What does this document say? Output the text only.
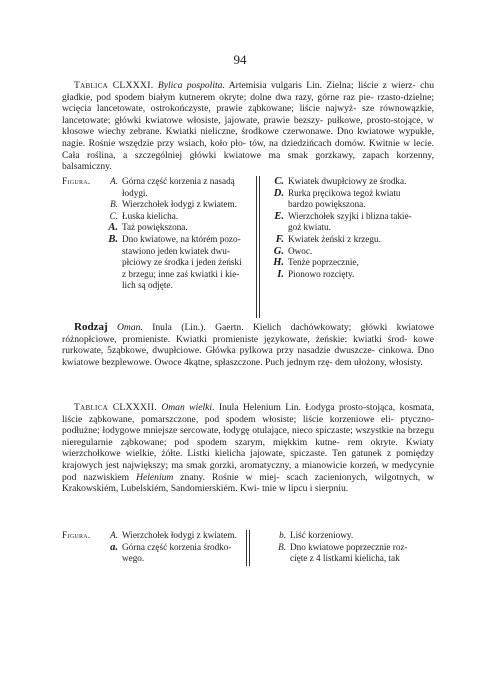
94

Tablica CLXXXI. Bylica pospolita. Artemisia vulgaris Lin. Zielna; liście z wierz- chu gładkie, pod spodem białym kutnerem okryte; dolne dwa razy, górne raz pie- rzasto-dzielne; wcięcia lancetowate, ostrokończyste, prawie ząbkowane; liście najwyż- sze równowązkie, lancetowate; główki kwiatowe włosiste, jajowate, prawie bezszy- pułkowe, prosto-stojące, w kłosowe wiechy zebrane. Kwiatki nieliczne, środkowe czerwonawe. Dno kwiatowe wypukłe, nagie. Rośnie wszędzie przy wsiach, koło pło- tów, na dziedzińcach domów. Kwitnie w lecie. Cała roślina, a szczególniej główki kwiatowe ma smak gorzkawy, zapach korzenny, balsamiczny.

Figura.	A. Górna część korzenia z nasadą
łodygi.
B. Wierzchołek łodygi z kwiatem.
C. Łuska kielicha.
A. Taż powiększona.
B. Dno kwiatowe, na którém pozo-
stawiono jeden kwiatek dwu-
płciowy ze środka i jeden żeński
z brzegu; inne zaś kwiatki i kie-
lich są odjęte.
C. Kwiatek dwupłciowy ze środka.
D. Rurka pręcikowa tegoż kwiatu
bardzo powiększona.
E. Wierzchołek szyjki i blizna takie-
goż kwiatu.
F. Kwiatek żeński z krzegu.
G. Owoc.
H. Tenże poprzecznie,
I. Pionowo rozcięty.

Rodzaj Oman. Inula (Lin.). Gaertn. Kielich dachówkowaty; główki kwiatowe różnopłciowe, promieniste. Kwiatki promieniste językowate, żeńskie: kwiatki środ- kowe rurkowate, 5ząbkowe, dwupłciowe. Główka pylkowa przy nasadzie dwuszcze- cinkowa. Dno kwiatowe bezplewowe. Owoce 4kątne, spłaszczone. Puch jednym rzę- dem ułożony, włosisty.

Tablica CLXXXII. Oman wielki. Inula Helenium Lin. Łodyga prosto-stojąca, kosmata, liście ząbkowane, pomarszczone, pod spodem włosiste; liście korzeniowe eli- ptyczno-podłużne; łodygowe mniejsze sercowate, łodygę otulające, nieco spiczaste; wszystkie na brzegu nieregularnie ząbkowane; pod spodem szarym, miękkim kutne- rem okryte. Kwiaty wierzchołkowe wielkie, żółte. Listki kielicha jajowate, spiczaste. Ten gatunek z pomiędzy krajowych jest największy; ma smak gorzki, aromatyczny, a mianowicie korzeń, w medycynie pod nazwiskiem Helenium znany. Rośnie w miej- scach zacienionych, wilgotnych, w Krakowskiém, Lubelskiém, Sandomierskiém. Kwi- tnie w lipcu i sierpniu.

Figura.	A. Wierzchołek łodygi z kwiatem.
a. Górna część korzenia środko-
wego.
b. Liść korzeniowy.
B. Dno kwiatowe poprzecznie roz-
cięte z 4 listkami kielicha, tak
